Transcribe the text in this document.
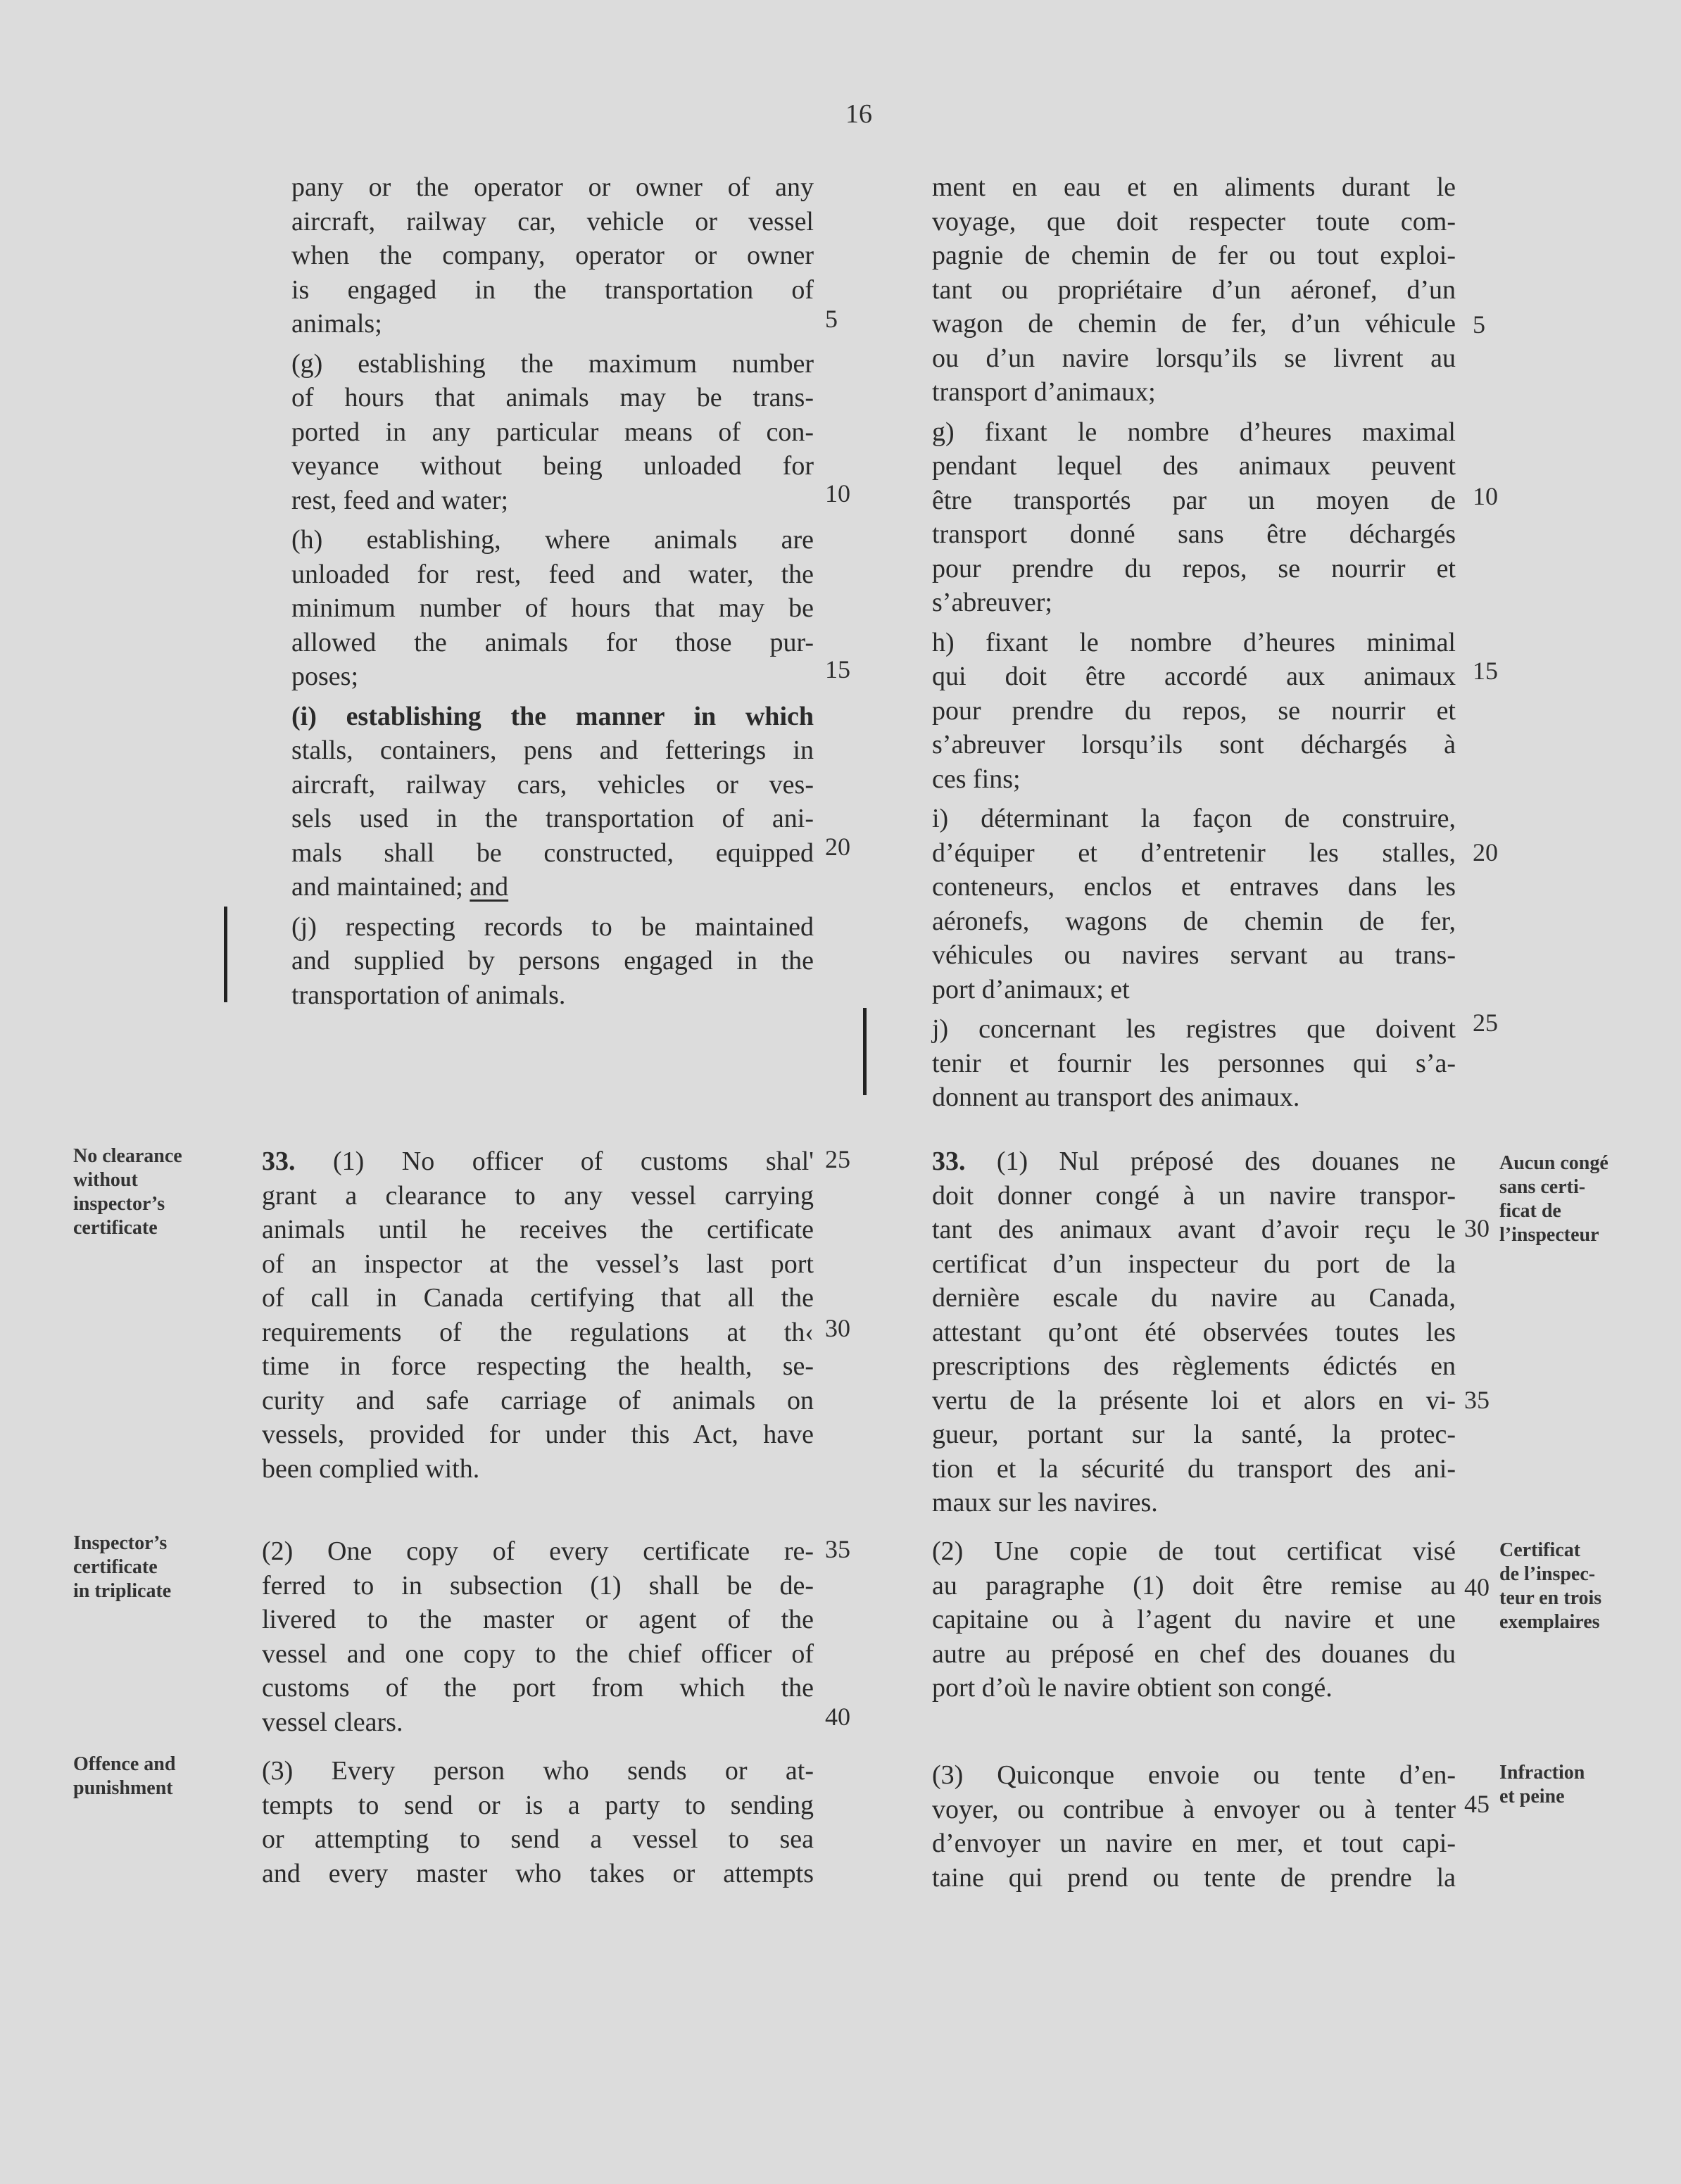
16
pany or the operator or owner of any
aircraft, railway car, vehicle or vessel
when the company, operator or owner
is engaged in the transportation of
animals;
(g) establishing the maximum number
of hours that animals may be trans-
ported in any particular means of con-
veyance without being unloaded for
rest, feed and water;
(h) establishing, where animals are
unloaded for rest, feed and water, the
minimum number of hours that may be
allowed the animals for those pur-
poses;
(i) establishing the manner in which
stalls, containers, pens and fetterings in
aircraft, railway cars, vehicles or ves-
sels used in the transportation of ani-
mals shall be constructed, equipped
and maintained; and
(j) respecting records to be maintained
and supplied by persons engaged in the
transportation of animals.
ment en eau et en aliments durant le
voyage, que doit respecter toute com-
pagnie de chemin de fer ou tout exploi-
tant ou propriétaire d’un aéronef, d’un
wagon de chemin de fer, d’un véhicule
ou d’un navire lorsqu’ils se livrent au
transport d’animaux;
g) fixant le nombre d’heures maximal
pendant lequel des animaux peuvent
être transportés par un moyen de
transport donné sans être déchargés
pour prendre du repos, se nourrir et
s’abreuver;
h) fixant le nombre d’heures minimal
qui doit être accordé aux animaux
pour prendre du repos, se nourrir et
s’abreuver lorsqu’ils sont déchargés à
ces fins;
i) déterminant la façon de construire,
d’équiper et d’entretenir les stalles,
conteneurs, enclos et entraves dans les
aéronefs, wagons de chemin de fer,
véhicules ou navires servant au trans-
port d’animaux; et
j) concernant les registres que doivent
tenir et fournir les personnes qui s’a-
donnent au transport des animaux.
5
10
15
20
5
10
15
20
25
33. (1) No officer of customs shal'
grant a clearance to any vessel carrying
animals until he receives the certificate
of an inspector at the vessel’s last port
of call in Canada certifying that all the
requirements of the regulations at th‹
time in force respecting the health, se-
curity and safe carriage of animals on
vessels, provided for under this Act, have
been complied with.
(2) One copy of every certificate re-
ferred to in subsection (1) shall be de-
livered to the master or agent of the
vessel and one copy to the chief officer of
customs of the port from which the
vessel clears.
(3) Every person who sends or at-
tempts to send or is a party to sending
or attempting to send a vessel to sea
and every master who takes or attempts
33. (1) Nul préposé des douanes ne
doit donner congé à un navire transpor-
tant des animaux avant d’avoir reçu le
certificat d’un inspecteur du port de la
dernière escale du navire au Canada,
attestant qu’ont été observées toutes les
prescriptions des règlements édictés en
vertu de la présente loi et alors en vi-
gueur, portant sur la santé, la protec-
tion et la sécurité du transport des ani-
maux sur les navires.
(2) Une copie de tout certificat visé
au paragraphe (1) doit être remise au
capitaine ou à l’agent du navire et une
autre au préposé en chef des douanes du
port d’où le navire obtient son congé.
(3) Quiconque envoie ou tente d’en-
voyer, ou contribue à envoyer ou à tenter
d’envoyer un navire en mer, et tout capi-
taine qui prend ou tente de prendre la
25
30
35
40
30
35
40
45
No clearance
without
inspector’s
certificate
Inspector’s
certificate
in triplicate
Offence and
punishment
Aucun congé
sans certi-
ficat de
l’inspecteur
Certificat
de l’inspec-
teur en trois
exemplaires
Infraction
et peine
